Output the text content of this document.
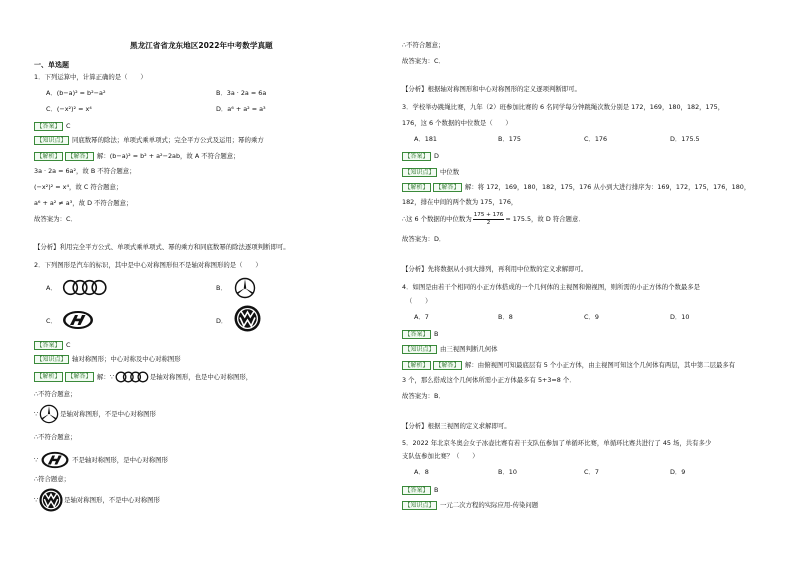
黑龙江省省龙东地区2022年中考数学真题
一、单选题
1．下列运算中，计算正确的是（　　）
A．(b−a)² = b²−a²	B．3a · 2a = 6a
C．(−x²)² = x⁴	D．a⁶ + a² = a³
【答案】 C
【知识点】 同底数幂的除法；单项式乘单项式；完全平方公式及运用；幂的乘方
【解析】 【解答】 解：(b−a)² = b² + a²−2ab，故 A 不符合题意；
3a · 2a = 6a²，故 B 不符合题意；
(−x²)² = x⁴，故 C 符合题意；
a⁶ + a² ≠ a³，故 D 不符合题意；
故答案为：C．
【分析】利用完全平方公式、单项式乘单项式、幂的乘方和同底数幂的除法逐项判断即可。
2．下列图形是汽车的标识，其中是中心对称图形但不是轴对称图形的是（　　）
A．	B．
C．	D．
【答案】 C
【知识点】 轴对称图形；中心对称及中心对称图形
【解析】	【解答】 解：∵	是轴对称图形，也是中心对称图形，
∴不符合题意；
∵	是轴对称图形，不是中心对称图形
∴不符合题意；
∵	不是轴对称图形，是中心对称图形
∴符合题意；
∵	是轴对称图形，不是中心对称图形
∴不符合题意；
故答案为：C．
【分析】根据轴对称图形和中心对称图形的定义逐项判断即可。
3．学校举办跳绳比赛，九年（2）班参加比赛的 6 名同学每分钟跳绳次数分别是 172，169，180，182，175，
176，这 6 个数据的中位数是（　　）
A．181	B．175	C．176	D．175.5
【答案】 D
【知识点】 中位数
【解析】 【解答】 解：将 172，169，180，182，175，176 从小到大进行排序为：169，172，175，176，180，
182，排在中间的两个数为 175，176，
∴这 6 个数据的中位数为 $\frac{175 + 176}{2} = 175.5$，故 D 符合题意．
故答案为：D．
【分析】先将数据从小到大排列，再利用中位数的定义求解即可。
4．如图是由若干个相同的小正方体搭成的一个几何体的主视图和俯视图，则所需的小正方体的个数最多是
（　　）
A．7	B．8	C．9	D．10
【答案】 B
【知识点】 由三视图判断几何体
【解析】 【解答】 解：由俯视图可知最底层有 5 个小正方体，由主视图可知这个几何体有两层，其中第二层最多有
3 个，那么搭成这个几何体所需小正方体最多有 5+3=8 个．
故答案为：B．
【分析】根据三视图的定义求解即可。
5．2022 年北京冬奥会女子冰壶比赛有若干支队伍参加了单循环比赛，单循环比赛共进行了 45 场，共有多少
支队伍参加比赛？（　　）
A．8	B．10	C．7	D．9
【答案】 B
【知识点】 一元二次方程的实际应用-传染问题
